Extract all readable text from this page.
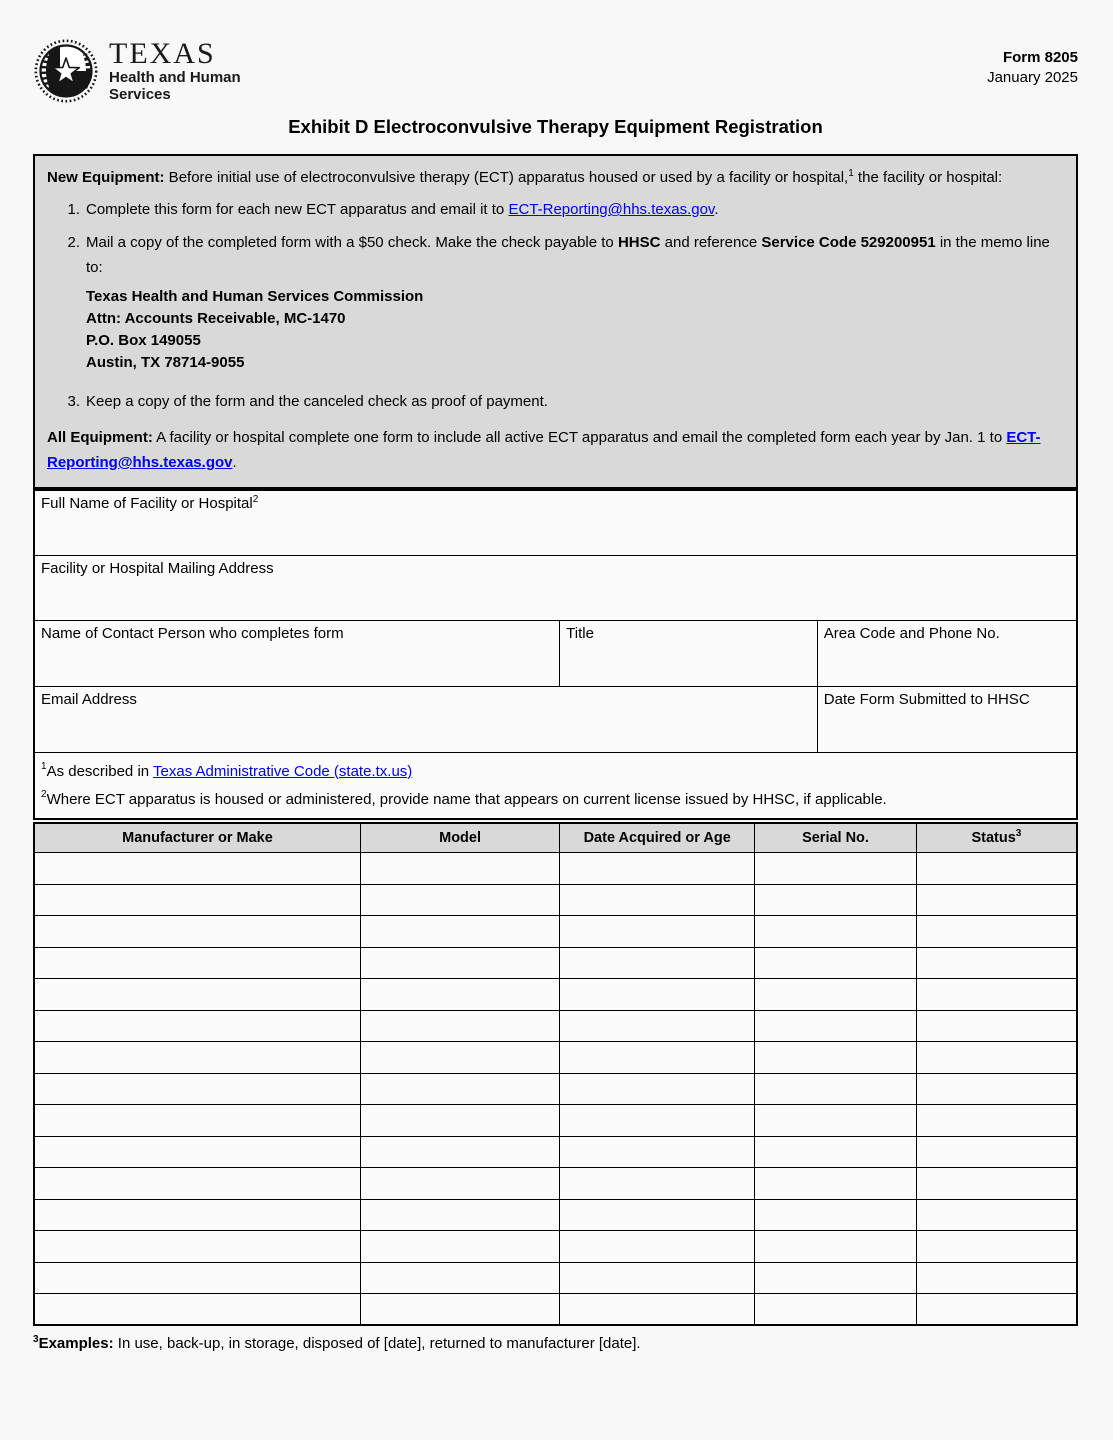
TEXAS
Health and Human
Services
Form 8205
January 2025
Exhibit D Electroconvulsive Therapy Equipment Registration

New Equipment: Before initial use of electroconvulsive therapy (ECT) apparatus housed or used by a facility or hospital,$^1$ the facility or hospital:

1. Complete this form for each new ECT apparatus and email it to ECT-Reporting@hhs.texas.gov.
2. Mail a copy of the completed form with a $50 check. Make the check payable to HHSC and reference Service Code 529200951 in the memo line to:
Texas Health and Human Services Commission
Attn: Accounts Receivable, MC-1470
P.O. Box 149055
Austin, TX 78714-9055
3. Keep a copy of the form and the canceled check as proof of payment.

All Equipment: A facility or hospital complete one form to include all active ECT apparatus and email the completed form each year by Jan. 1 to ECT-Reporting@hhs.texas.gov.

Full Name of Facility or Hospital$^2$
Facility or Hospital Mailing Address		
Name of Contact Person who completes form	Title	Area Code and Phone No.
Email Address		Date Form Submitted to HHSC

$^1$As described in Texas Administrative Code (state.tx.us)
$^2$Where ECT apparatus is housed or administered, provide name that appears on current license issued by HHSC, if applicable.		
Manufacturer or Make	Model	Date Acquired or Age	Serial No.	Status$^3$

$^3$Examples: In use, back-up, in storage, disposed of [date], returned to manufacturer [date].
